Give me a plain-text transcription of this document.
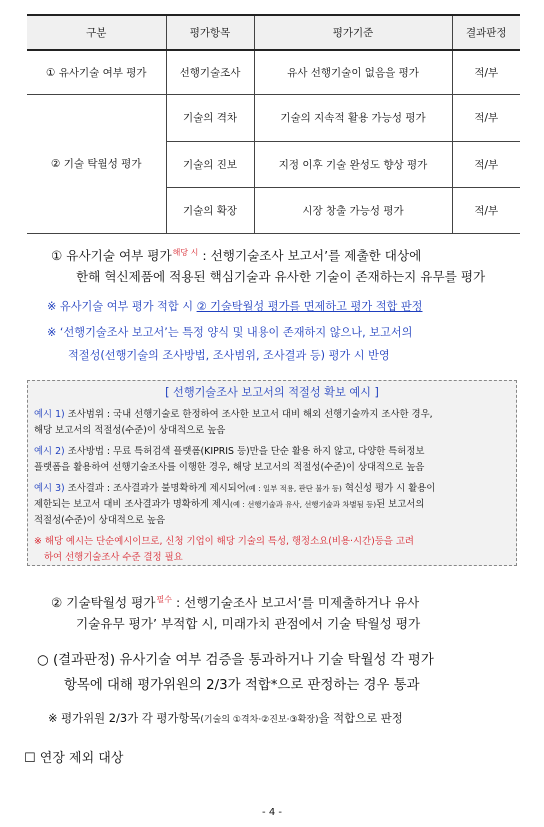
구분	평가항목	평가기준	결과판정
① 유사기술 여부 평가	선행기술조사	유사 선행기술이 없음을 평가	적/부
② 기술 탁월성 평가	기술의 격차	기술의 지속적 활용 가능성 평가	적/부
	기술의 진보	지정 이후 기술 완성도 향상 평가	적/부
	기술의 확장	시장 창출 가능성 평가	적/부
① 유사기술 여부 평가$^{해당 시}$ : 선행기술조사 보고서’를 제출한 대상에
한해 혁신제품에 적용된 핵심기술과 유사한 기술이 존재하는지 유무를 평가
※ 유사기술 여부 평가 적합 시 ② 기술탁월성 평가를 면제하고 평가 적합 판정
※ ‘선행기술조사 보고서’는 특정 양식 및 내용이 존재하지 않으나, 보고서의
적절성(선행기술의 조사방법, 조사범위, 조사결과 등) 평가 시 반영
[ 선행기술조사 보고서의 적절성 확보 예시 ]
예시 1) 조사범위 : 국내 선행기술로 한정하여 조사한 보고서 대비 해외 선행기술까지 조사한 경우,
해당 보고서의 적절성(수준)이 상대적으로 높음
예시 2) 조사방법 : 무료 특허검색 플랫폼(KIPRIS 등)만을 단순 활용 하지 않고, 다양한 특허정보
플랫폼을 활용하여 선행기술조사를 이행한 경우, 해당 보고서의 적절성(수준)이 상대적으로 높음
예시 3) 조사결과 : 조사결과가 불명확하게 제시되어(예 : 일부 적용, 판단 불가 등) 혁신성 평가 시 활용이
제한되는 보고서 대비 조사결과가 명확하게 제시(예 : 선행기술과 유사, 선행기술과 차별됨 등)된 보고서의
적절성(수준)이 상대적으로 높음
※ 해당 예시는 단순예시이므로, 신청 기업이 해당 기술의 특성, 행정소요(비용·시간)등을 고려
하여 선행기술조사 수준 결정 필요
② 기술탁월성 평가$^{필수}$ : 선행기술조사 보고서’를 미제출하거나 유사
기술유무 평가’ 부적합 시, 미래가치 관점에서 기술 탁월성 평가
○ (결과판정) 유사기술 여부 검증을 통과하거나 기술 탁월성 각 평가
항목에 대해 평가위원의 2/3가 적합*으로 판정하는 경우 통과
※ 평가위원 2/3가 각 평가항목(기술의 ①격차·②진보·③확장)을 적합으로 판정
☐ 연장 제외 대상
- 4 -
